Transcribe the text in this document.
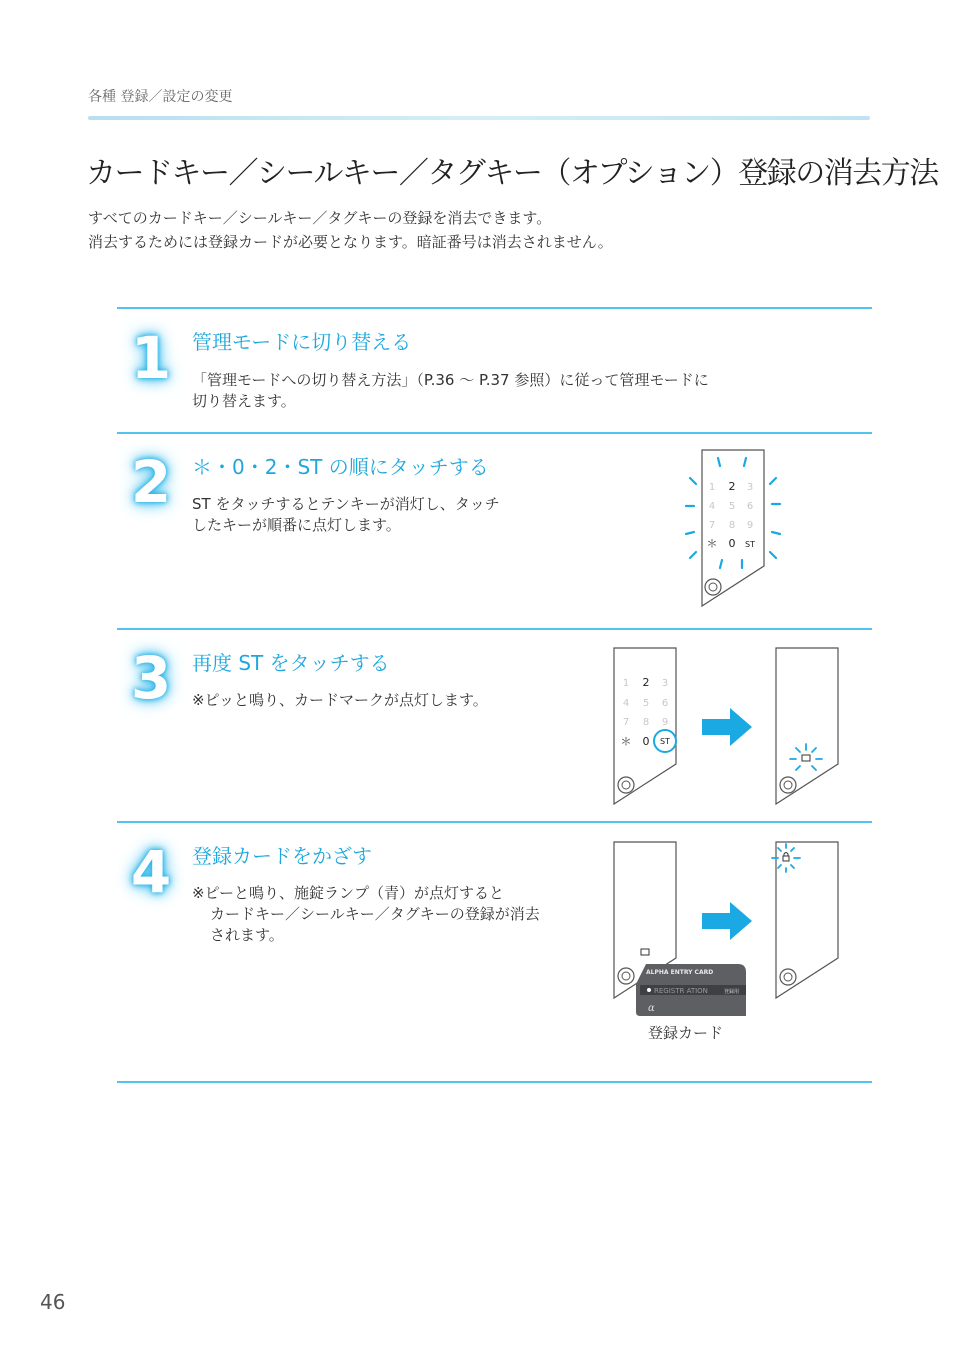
各種 登録／設定の変更
カードキー／シールキー／タグキー（オプション）登録の消去方法
すべてのカードキー／シールキー／タグキーの登録を消去できます。
消去するためには登録カードが必要となります。暗証番号は消去されません。
1 管理モードに切り替える
「管理モードへの切り替え方法」（P.36 ～ P.37 参照）に従って管理モードに
切り替えます。
2 ＊・0・2・ST の順にタッチする
ST をタッチするとテンキーが消灯し、タッチ
したキーが順番に点灯します。
1 2 3
4 5 6
7 8 9
＊ 0 ST
3 再度 ST をタッチする
※ピッと鳴り、カードマークが点灯します。
1 2 3
4 5 6
7 8 9
＊ 0 ST
4 登録カードをかざす
※ピーと鳴り、施錠ランプ（青）が点灯すると
カードキー／シールキー／タグキーの登録が消去
されます。
ALPHA ENTRY CARD
REGISTR ATION	登録用
α
登録カード
46
